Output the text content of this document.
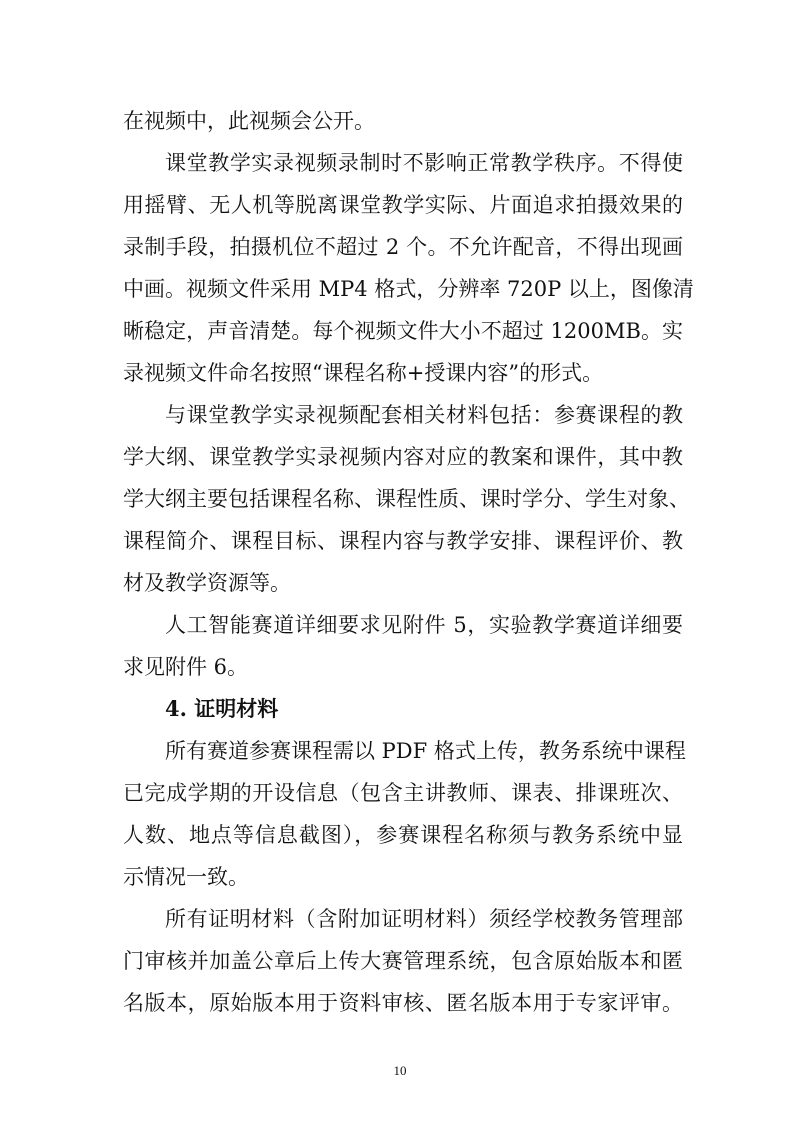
在视频中，此视频会公开。
课堂教学实录视频录制时不影响正常教学秩序。不得使
用摇臂、无人机等脱离课堂教学实际、片面追求拍摄效果的
录制手段，拍摄机位不超过 2 个。不允许配音，不得出现画
中画。视频文件采用 MP4 格式，分辨率 720P 以上，图像清
晰稳定，声音清楚。每个视频文件大小不超过 1200MB。实
录视频文件命名按照“课程名称+授课内容”的形式。
与课堂教学实录视频配套相关材料包括：参赛课程的教
学大纲、课堂教学实录视频内容对应的教案和课件，其中教
学大纲主要包括课程名称、课程性质、课时学分、学生对象、
课程简介、课程目标、课程内容与教学安排、课程评价、教
材及教学资源等。
人工智能赛道详细要求见附件 5，实验教学赛道详细要
求见附件 6。
4. 证明材料
所有赛道参赛课程需以 PDF 格式上传，教务系统中课程
已完成学期的开设信息（包含主讲教师、课表、排课班次、
人数、地点等信息截图），参赛课程名称须与教务系统中显
示情况一致。
所有证明材料（含附加证明材料）须经学校教务管理部
门审核并加盖公章后上传大赛管理系统，包含原始版本和匿
名版本，原始版本用于资料审核、匿名版本用于专家评审。
10
